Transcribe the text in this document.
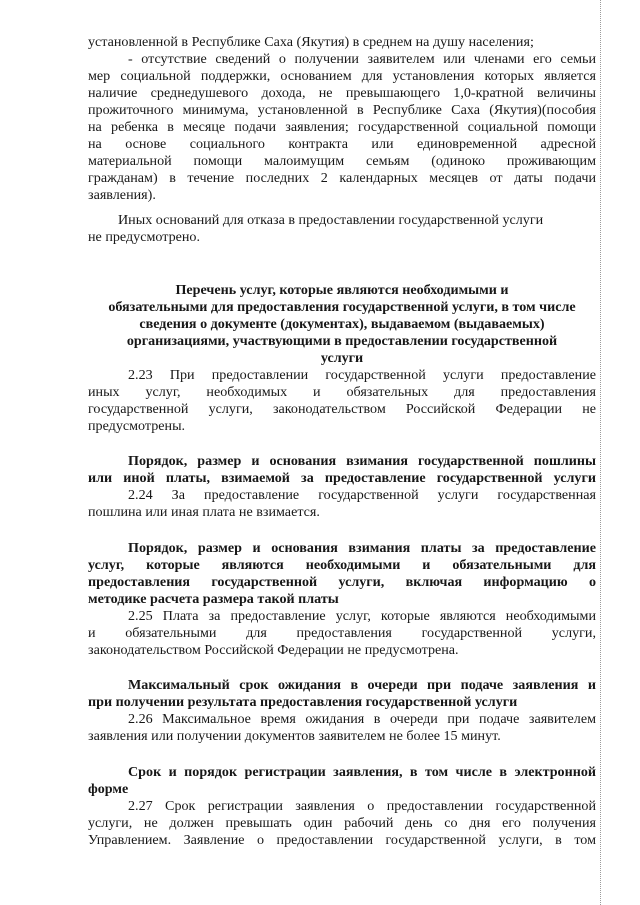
установленной в Республике Саха (Якутия) в среднем на душу населения;
- отсутствие сведений о получении заявителем или членами его семьи
мер социальной поддержки, основанием для установления которых является
наличие среднедушевого дохода, не превышающего 1,0-кратной величины
прожиточного минимума, установленной в Республике Саха (Якутия)(пособия
на ребенка в месяце подачи заявления; государственной социальной помощи
на основе социального контракта или единовременной адресной
материальной помощи малоимущим семьям (одиноко проживающим
гражданам) в течение последних 2 календарных месяцев от даты подачи
заявления).
Иных оснований для отказа в предоставлении государственной услуги
не предусмотрено.
Перечень услуг, которые являются необходимыми и
обязательными для предоставления государственной услуги, в том числе
сведения о документе (документах), выдаваемом (выдаваемых)
организациями, участвующими в предоставлении государственной
услуги
2.23 При предоставлении государственной услуги предоставление
иных услуг, необходимых и обязательных для предоставления
государственной услуги, законодательством Российской Федерации не
предусмотрены.
Порядок, размер и основания взимания государственной пошлины
или иной платы, взимаемой за предоставление государственной услуги
2.24 За предоставление государственной услуги государственная
пошлина или иная плата не взимается.
Порядок, размер и основания взимания платы за предоставление
услуг, которые являются необходимыми и обязательными для
предоставления государственной услуги, включая информацию о
методике расчета размера такой платы
2.25 Плата за предоставление услуг, которые являются необходимыми
и обязательными для предоставления государственной услуги,
законодательством Российской Федерации не предусмотрена.
Максимальный срок ожидания в очереди при подаче заявления и
при получении результата предоставления государственной услуги
2.26 Максимальное время ожидания в очереди при подаче заявителем
заявления или получении документов заявителем не более 15 минут.
Срок и порядок регистрации заявления, в том числе в электронной
форме
2.27 Срок регистрации заявления о предоставлении государственной
услуги, не должен превышать один рабочий день со дня его получения
Управлением. Заявление о предоставлении государственной услуги, в том
